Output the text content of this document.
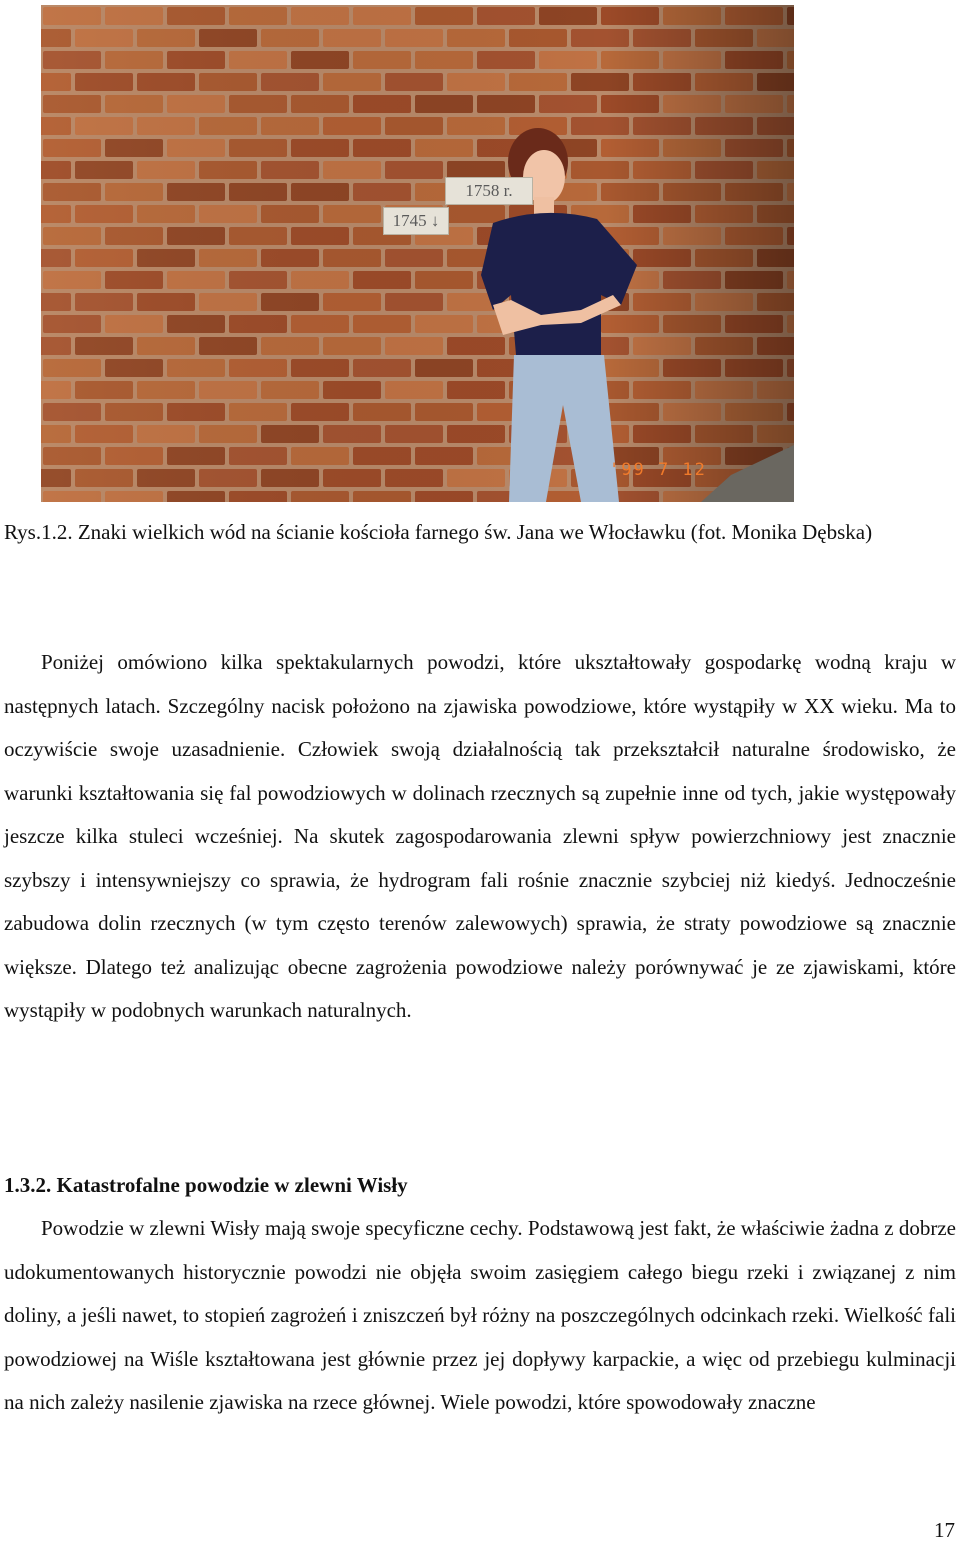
1758 r.
1745 ↓
'99 7 12

Rys.1.2. Znaki wielkich wód na ścianie kościoła farnego św. Jana we Włocławku (fot. Monika Dębska)

Poniżej omówiono kilka spektakularnych powodzi, które ukształtowały gospodarkę wodną kraju w następnych latach. Szczególny nacisk położono na zjawiska powodziowe, które wystąpiły w XX wieku. Ma to oczywiście swoje uzasadnienie. Człowiek swoją działalnością tak przekształcił naturalne środowisko, że warunki kształtowania się fal powodziowych w dolinach rzecznych są zupełnie inne od tych, jakie występowały jeszcze kilka stuleci wcześniej. Na skutek zagospodarowania zlewni spływ powierzchniowy jest znacznie szybszy i intensywniejszy co sprawia, że hydrogram fali rośnie znacznie szybciej niż kiedyś. Jednocześnie zabudowa dolin rzecznych (w tym często terenów zalewowych) sprawia, że straty powodziowe są znacznie większe. Dlatego też analizując obecne zagrożenia powodziowe należy porównywać je ze zjawiskami, które wystąpiły w podobnych warunkach naturalnych.

1.3.2. Katastrofalne powodzie w zlewni Wisły

Powodzie w zlewni Wisły mają swoje specyficzne cechy. Podstawową jest fakt, że właściwie żadna z dobrze udokumentowanych historycznie powodzi nie objęła swoim zasięgiem całego biegu rzeki i związanej z nim doliny, a jeśli nawet, to stopień zagrożeń i zniszczeń był różny na poszczególnych odcinkach rzeki. Wielkość fali powodziowej na Wiśle kształtowana jest głównie przez jej dopływy karpackie, a więc od przebiegu kulminacji na nich zależy nasilenie zjawiska na rzece głównej. Wiele powodzi, które spowodowały znaczne

17
